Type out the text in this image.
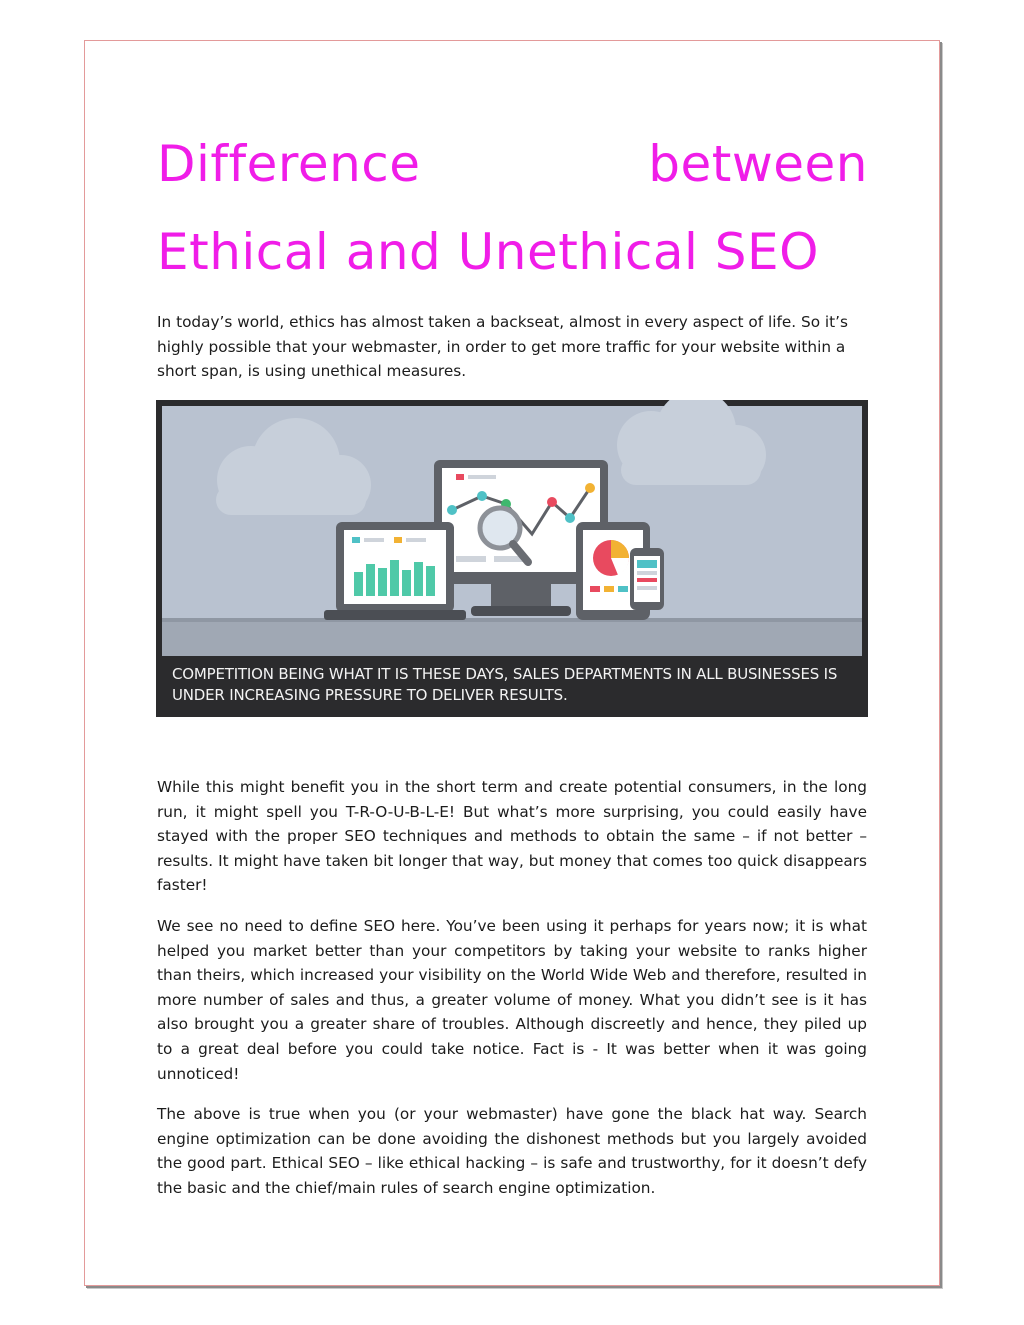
Difference	between
Ethical and Unethical SEO

In today’s world, ethics has almost taken a backseat, almost in every aspect of life. So it’s highly possible that your webmaster, in order to get more traffic for your website within a short span, is using unethical measures.

COMPETITION BEING WHAT IT IS THESE DAYS, SALES DEPARTMENTS IN ALL BUSINESSES IS UNDER INCREASING PRESSURE TO DELIVER RESULTS.

While this might benefit you in the short term and create potential consumers, in the long run, it might spell you T-R-O-U-B-L-E! But what’s more surprising, you could easily have stayed with the proper SEO techniques and methods to obtain the same – if not better – results. It might have taken bit longer that way, but money that comes too quick disappears faster!

We see no need to define SEO here. You’ve been using it perhaps for years now; it is what helped you market better than your competitors by taking your website to ranks higher than theirs, which increased your visibility on the World Wide Web and therefore, resulted in more number of sales and thus, a greater volume of money. What you didn’t see is it has also brought you a greater share of troubles. Although discreetly and hence, they piled up to a great deal before you could take notice. Fact is - It was better when it was going unnoticed!

The above is true when you (or your webmaster) have gone the black hat way. Search engine optimization can be done avoiding the dishonest methods but you largely avoided the good part. Ethical SEO – like ethical hacking – is safe and trustworthy, for it doesn’t defy the basic and the chief/main rules of search engine optimization.
